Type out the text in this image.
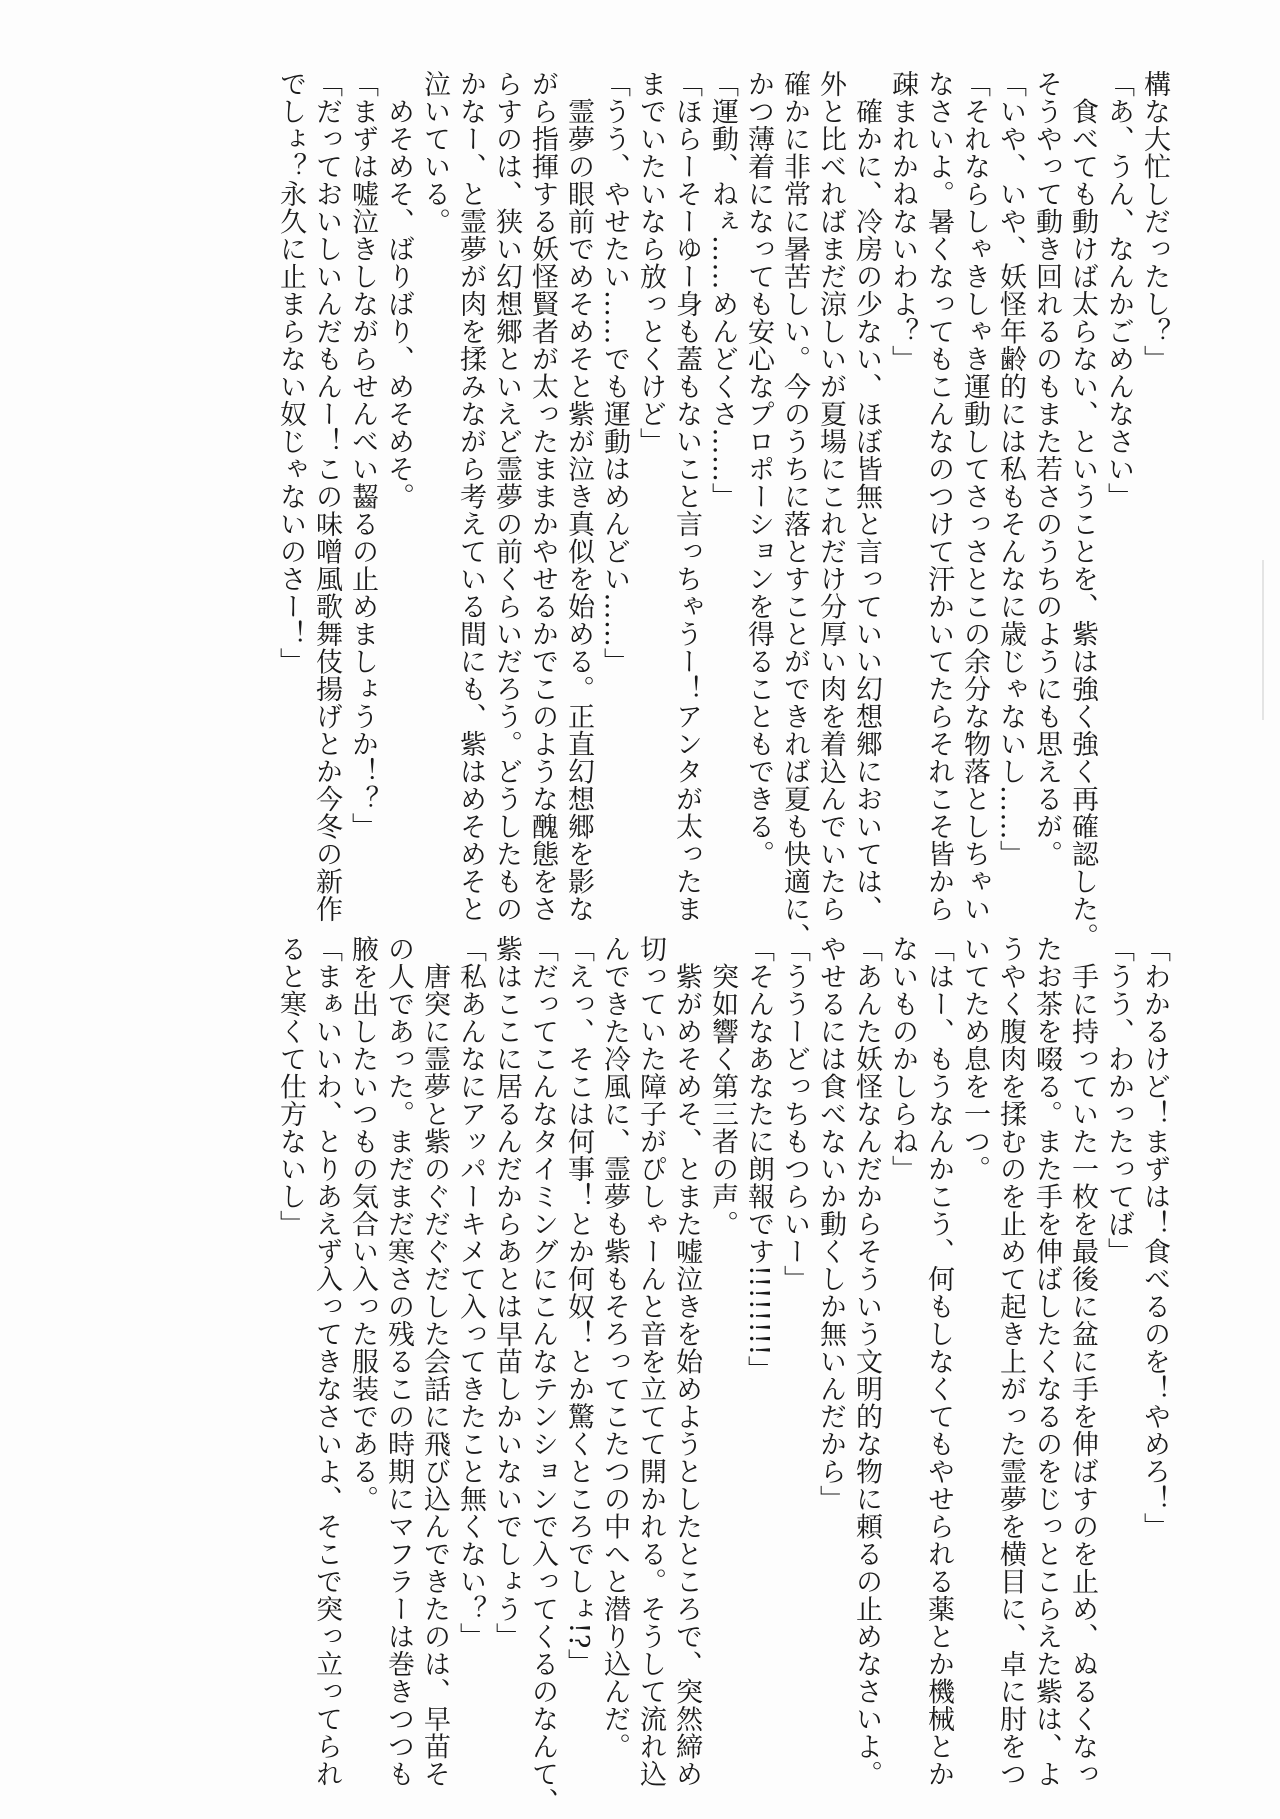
構な大忙しだったし？」
「あ、うん、なんかごめんなさい」
　食べても動けば太らない、ということを、紫は強く強く再確認した。
そうやって動き回れるのもまた若さのうちのようにも思えるが。
「いや、いや、妖怪年齢的には私もそんなに歳じゃないし……」
「それならしゃきしゃき運動してさっさとこの余分な物落としちゃい
なさいよ。暑くなってもこんなのつけて汗かいてたらそれこそ皆から
疎まれかねないわよ？」
　確かに、冷房の少ない、ほぼ皆無と言っていい幻想郷においては、
外と比べればまだ涼しいが夏場にこれだけ分厚い肉を着込んでいたら
確かに非常に暑苦しい。今のうちに落とすことができれば夏も快適に、
かつ薄着になっても安心なプロポーションを得ることもできる。
「運動、ねぇ……めんどくさ……」
「ほらーそーゆー身も蓋もないこと言っちゃうー！アンタが太ったま
までいたいなら放っとくけど」
「うう、やせたい……でも運動はめんどい……」
　霊夢の眼前でめそめそと紫が泣き真似を始める。正直幻想郷を影な
がら指揮する妖怪賢者が太ったままかやせるかでこのような醜態をさ
らすのは、狭い幻想郷といえど霊夢の前くらいだろう。どうしたもの
かなー、と霊夢が肉を揉みながら考えている間にも、紫はめそめそと
泣いている。
　めそめそ、ばりばり、めそめそ。
「まずは嘘泣きしながらせんべい齧るの止めましょうか！？」
「だっておいしいんだもんー！この味噌風歌舞伎揚げとか今冬の新作
でしょ？永久に止まらない奴じゃないのさー！」
「わかるけど！まずは！食べるのを！やめろ！」
「うう、わかったってば」
　手に持っていた一枚を最後に盆に手を伸ばすのを止め、ぬるくなっ
たお茶を啜る。また手を伸ばしたくなるのをじっとこらえた紫は、よ
うやく腹肉を揉むのを止めて起き上がった霊夢を横目に、卓に肘をつ
いてため息を一つ。
「はー、もうなんかこう、何もしなくてもやせられる薬とか機械とか
ないものかしらね」
「あんた妖怪なんだからそういう文明的な物に頼るの止めなさいよ。
やせるには食べないか動くしか無いんだから」
「ううーどっちもつらいー」
「そんなあなたに朗報です!!!!!!!!」
　突如響く第三者の声。
　紫がめそめそ、とまた嘘泣きを始めようとしたところで、突然締め
切っていた障子がぴしゃーんと音を立てて開かれる。そうして流れ込
んできた冷風に、霊夢も紫もそろってこたつの中へと潜り込んだ。
「えっ、そこは何事！とか何奴！とか驚くところでしょ!?」
「だってこんなタイミングにこんなテンションで入ってくるのなんて、
紫はここに居るんだからあとは早苗しかいないでしょう」
「私あんなにアッパーキメて入ってきたこと無くない？」
　唐突に霊夢と紫のぐだぐだした会話に飛び込んできたのは、早苗そ
の人であった。まだまだ寒さの残るこの時期にマフラーは巻きつつも
腋を出したいつもの気合い入った服装である。
「まぁいいわ、とりあえず入ってきなさいよ、そこで突っ立ってられ
ると寒くて仕方ないし」
